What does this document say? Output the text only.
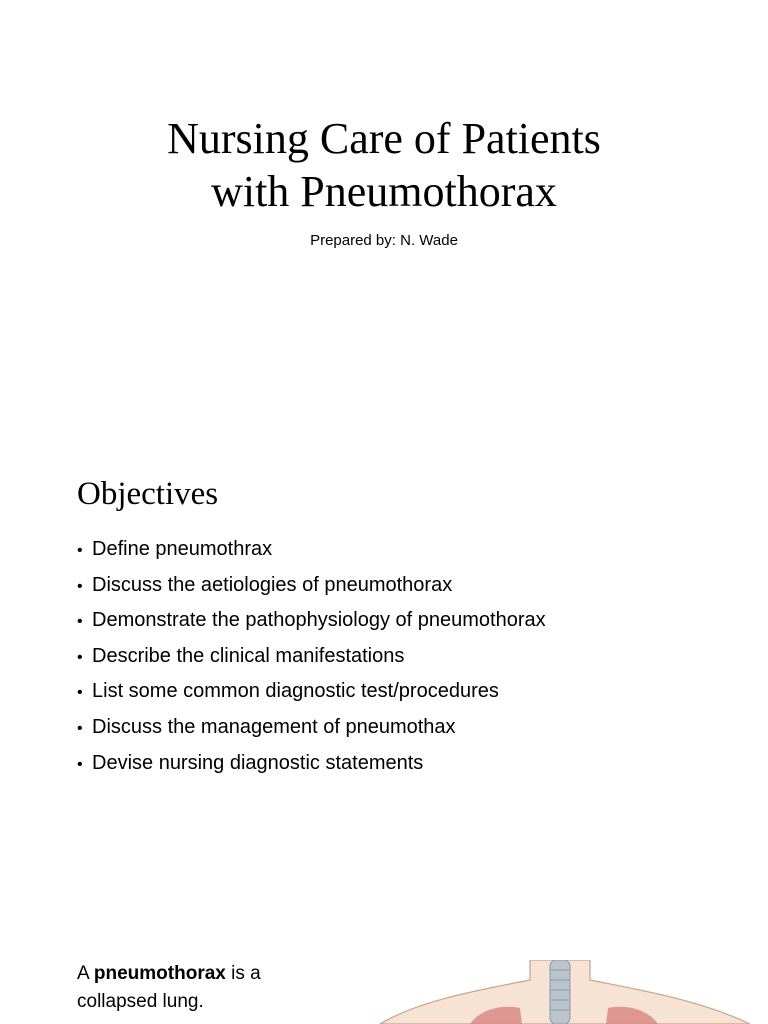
Nursing Care of Patients
with Pneumothorax
Prepared by: N. Wade
Objectives
• Define pneumothrax
• Discuss the aetiologies of pneumothorax
• Demonstrate the pathophysiology of pneumothorax
• Describe the clinical manifestations
• List some common diagnostic test/procedures
• Discuss the management of pneumothax
• Devise nursing diagnostic statements
A pneumothorax is a collapsed lung.
